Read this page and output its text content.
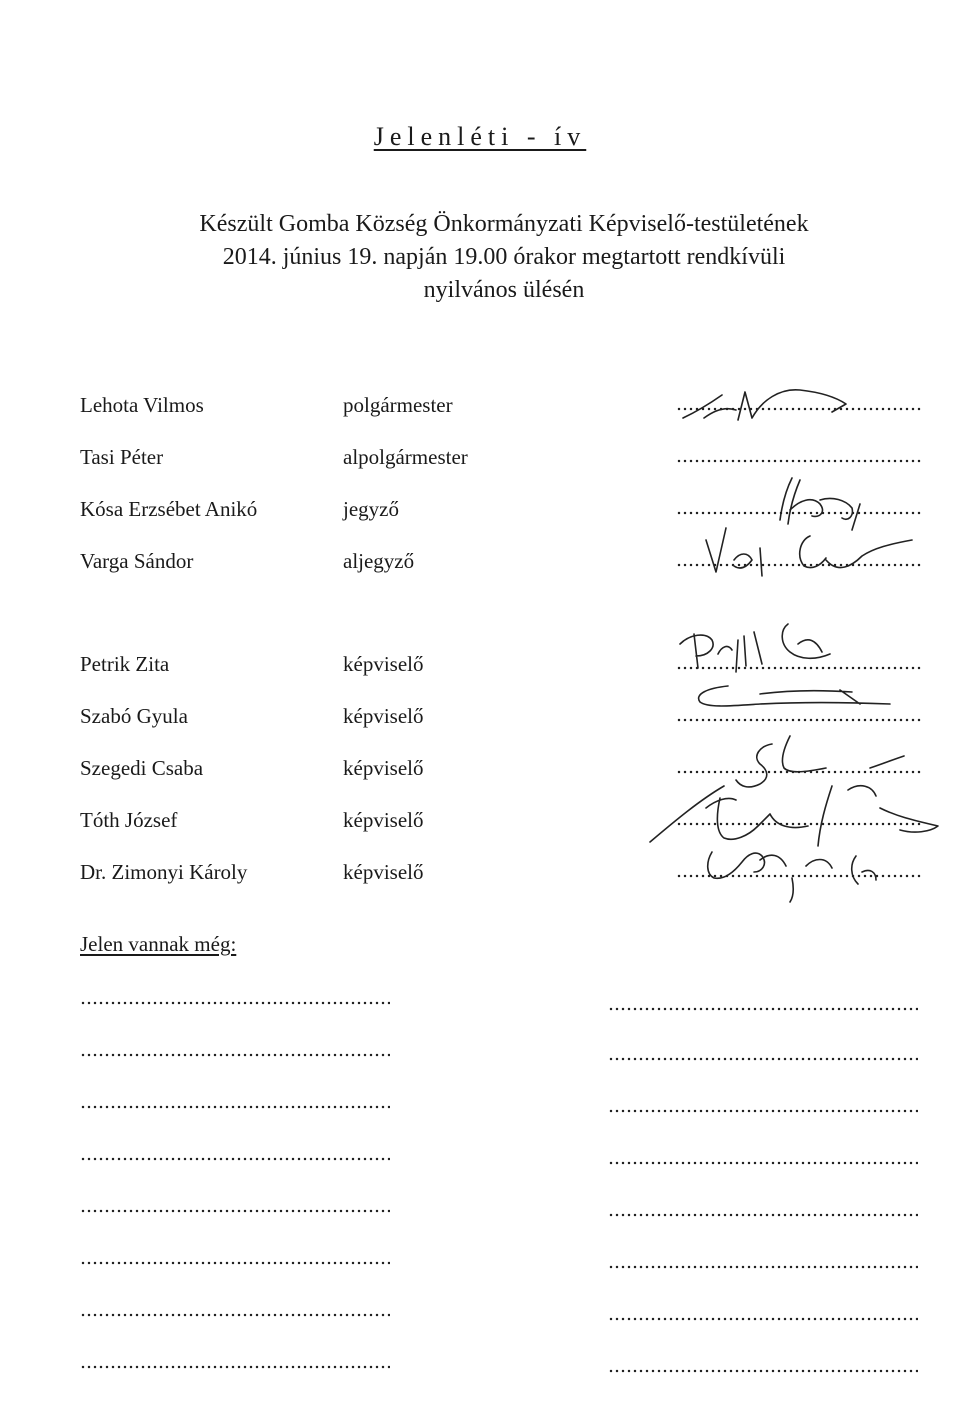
Jelenléti - ív
Készült Gomba Község Önkormányzati Képviselő-testületének
2014. június 19. napján 19.00 órakor megtartott rendkívüli
nyilvános ülésén
Lehota Vilmos	polgármester
Tasi Péter	alpolgármester
Kósa Erzsébet Anikó	jegyző
Varga Sándor	aljegyző
Petrik Zita	képviselő
Szabó Gyula	képviselő
Szegedi Csaba	képviselő
Tóth József	képviselő
Dr. Zimonyi Károly	képviselő
Jelen vannak még:
